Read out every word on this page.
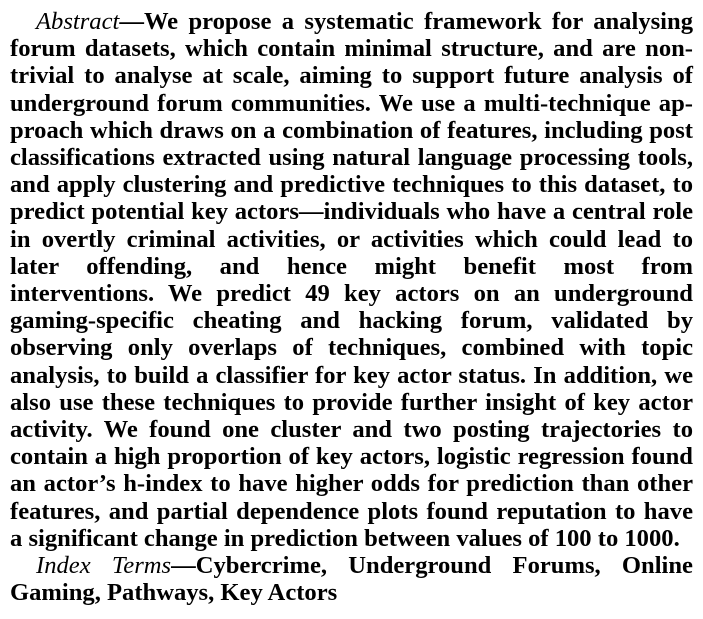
Abstract—We propose a systematic framework for analysing forum datasets, which contain minimal structure, and are nontrivial to analyse at scale, aiming to support future analysis of underground forum communities. We use a multi-technique approach which draws on a combination of features, including post classifications extracted using natural language processing tools, and apply clustering and predictive techniques to this dataset, to predict potential key actors—individuals who have a central role in overtly criminal activities, or activities which could lead to later offending, and hence might benefit most from interventions. We predict 49 key actors on an underground gaming-specific cheating and hacking forum, validated by observing only overlaps of techniques, combined with topic analysis, to build a classifier for key actor status. In addition, we also use these techniques to provide further insight of key actor activity. We found one cluster and two posting trajectories to contain a high proportion of key actors, logistic regression found an actor’s h-index to have higher odds for prediction than other features, and partial dependence plots found reputation to have a significant change in prediction between values of 100 to 1000.

Index Terms—Cybercrime, Underground Forums, Online Gaming, Pathways, Key Actors
